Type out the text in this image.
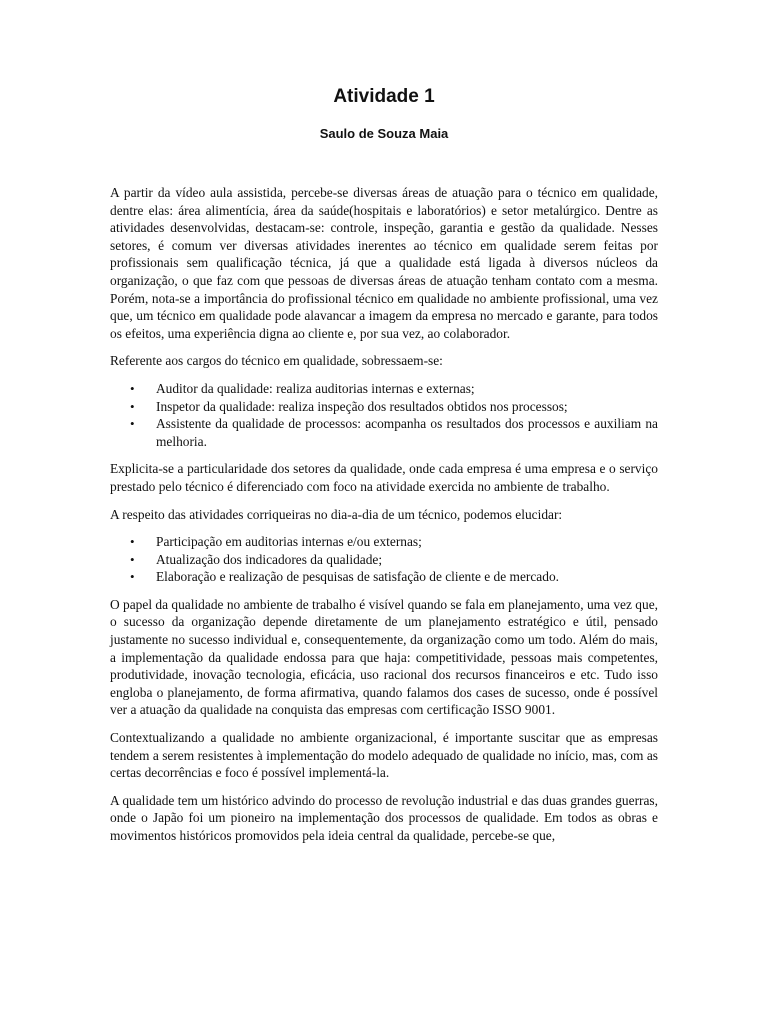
Atividade 1
Saulo de Souza Maia

A partir da vídeo aula assistida, percebe-se diversas áreas de atuação para o técnico em qualidade, dentre elas: área alimentícia, área da saúde(hospitais e laboratórios) e setor metalúrgico. Dentre as atividades desenvolvidas, destacam-se: controle, inspeção, garantia e gestão da qualidade. Nesses setores, é comum ver diversas atividades inerentes ao técnico em qualidade serem feitas por profissionais sem qualificação técnica, já que a qualidade está ligada à diversos núcleos da organização, o que faz com que pessoas de diversas áreas de atuação tenham contato com a mesma. Porém, nota-se a importância do profissional técnico em qualidade no ambiente profissional, uma vez que, um técnico em qualidade pode alavancar a imagem da empresa no mercado e garante, para todos os efeitos, uma experiência digna ao cliente e, por sua vez, ao colaborador.

Referente aos cargos do técnico em qualidade, sobressaem-se:

• Auditor da qualidade: realiza auditorias internas e externas;
• Inspetor da qualidade: realiza inspeção dos resultados obtidos nos processos;
• Assistente da qualidade de processos: acompanha os resultados dos processos e auxiliam na melhoria.

Explicita-se a particularidade dos setores da qualidade, onde cada empresa é uma empresa e o serviço prestado pelo técnico é diferenciado com foco na atividade exercida no ambiente de trabalho.

A respeito das atividades corriqueiras no dia-a-dia de um técnico, podemos elucidar:

• Participação em auditorias internas e/ou externas;
• Atualização dos indicadores da qualidade;
• Elaboração e realização de pesquisas de satisfação de cliente e de mercado.

O papel da qualidade no ambiente de trabalho é visível quando se fala em planejamento, uma vez que, o sucesso da organização depende diretamente de um planejamento estratégico e útil, pensado justamente no sucesso individual e, consequentemente, da organização como um todo. Além do mais, a implementação da qualidade endossa para que haja: competitividade, pessoas mais competentes, produtividade, inovação tecnologia, eficácia, uso racional dos recursos financeiros e etc. Tudo isso engloba o planejamento, de forma afirmativa, quando falamos dos cases de sucesso, onde é possível ver a atuação da qualidade na conquista das empresas com certificação ISSO 9001.

Contextualizando a qualidade no ambiente organizacional, é importante suscitar que as empresas tendem a serem resistentes à implementação do modelo adequado de qualidade no início, mas, com as certas decorrências e foco é possível implementá-la.

A qualidade tem um histórico advindo do processo de revolução industrial e das duas grandes guerras, onde o Japão foi um pioneiro na implementação dos processos de qualidade. Em todos as obras e movimentos históricos promovidos pela ideia central da qualidade, percebe-se que,
